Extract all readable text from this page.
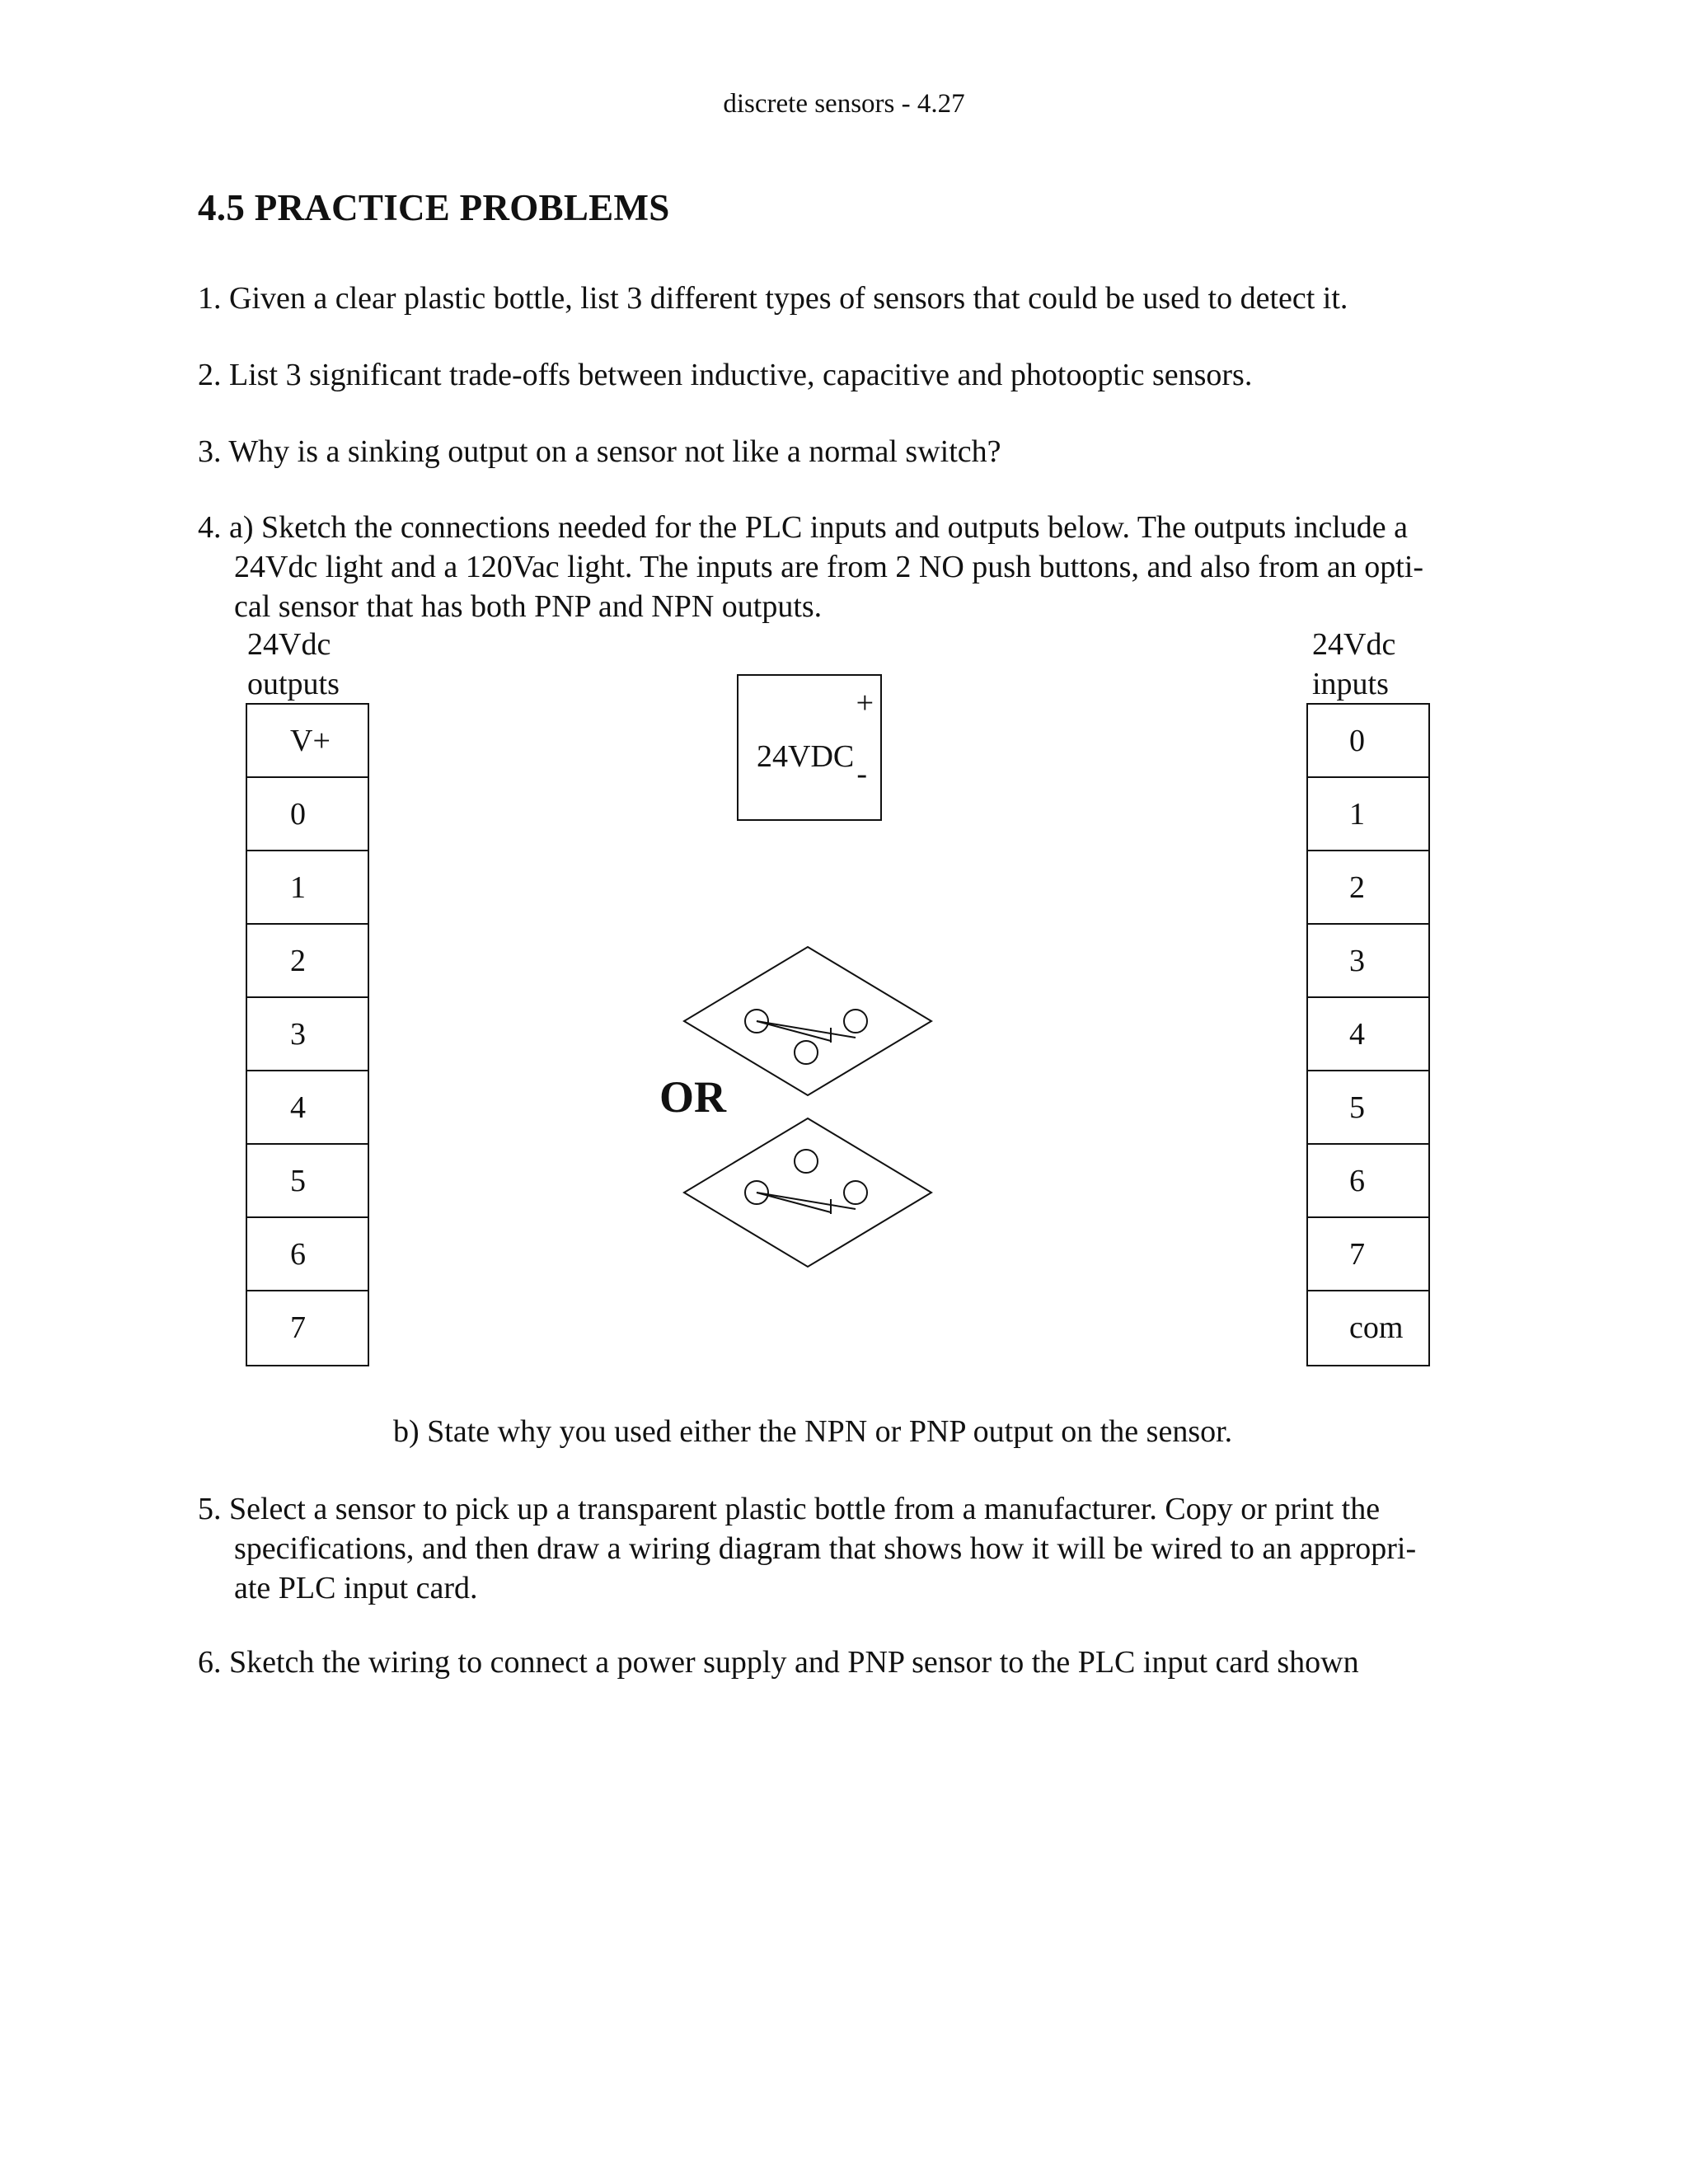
discrete sensors - 4.27
4.5 PRACTICE PROBLEMS
1. Given a clear plastic bottle, list 3 different types of sensors that could be used to detect it.
2. List 3 significant trade-offs between inductive, capacitive and photooptic sensors.
3. Why is a sinking output on a sensor not like a normal switch?
4. a) Sketch the connections needed for the PLC inputs and outputs below. The outputs include a
24Vdc light and a 120Vac light. The inputs are from 2 NO push buttons, and also from an opti-
cal sensor that has both PNP and NPN outputs.
24Vdc
outputs
V+
0
1
2
3
4
5
6
7
24Vdc
inputs
0
1
2
3
4
5
6
7
com
24VDC
+
-
OR
b) State why you used either the NPN or PNP output on the sensor.
5. Select a sensor to pick up a transparent plastic bottle from a manufacturer. Copy or print the
specifications, and then draw a wiring diagram that shows how it will be wired to an appropri-
ate PLC input card.
6. Sketch the wiring to connect a power supply and PNP sensor to the PLC input card shown
